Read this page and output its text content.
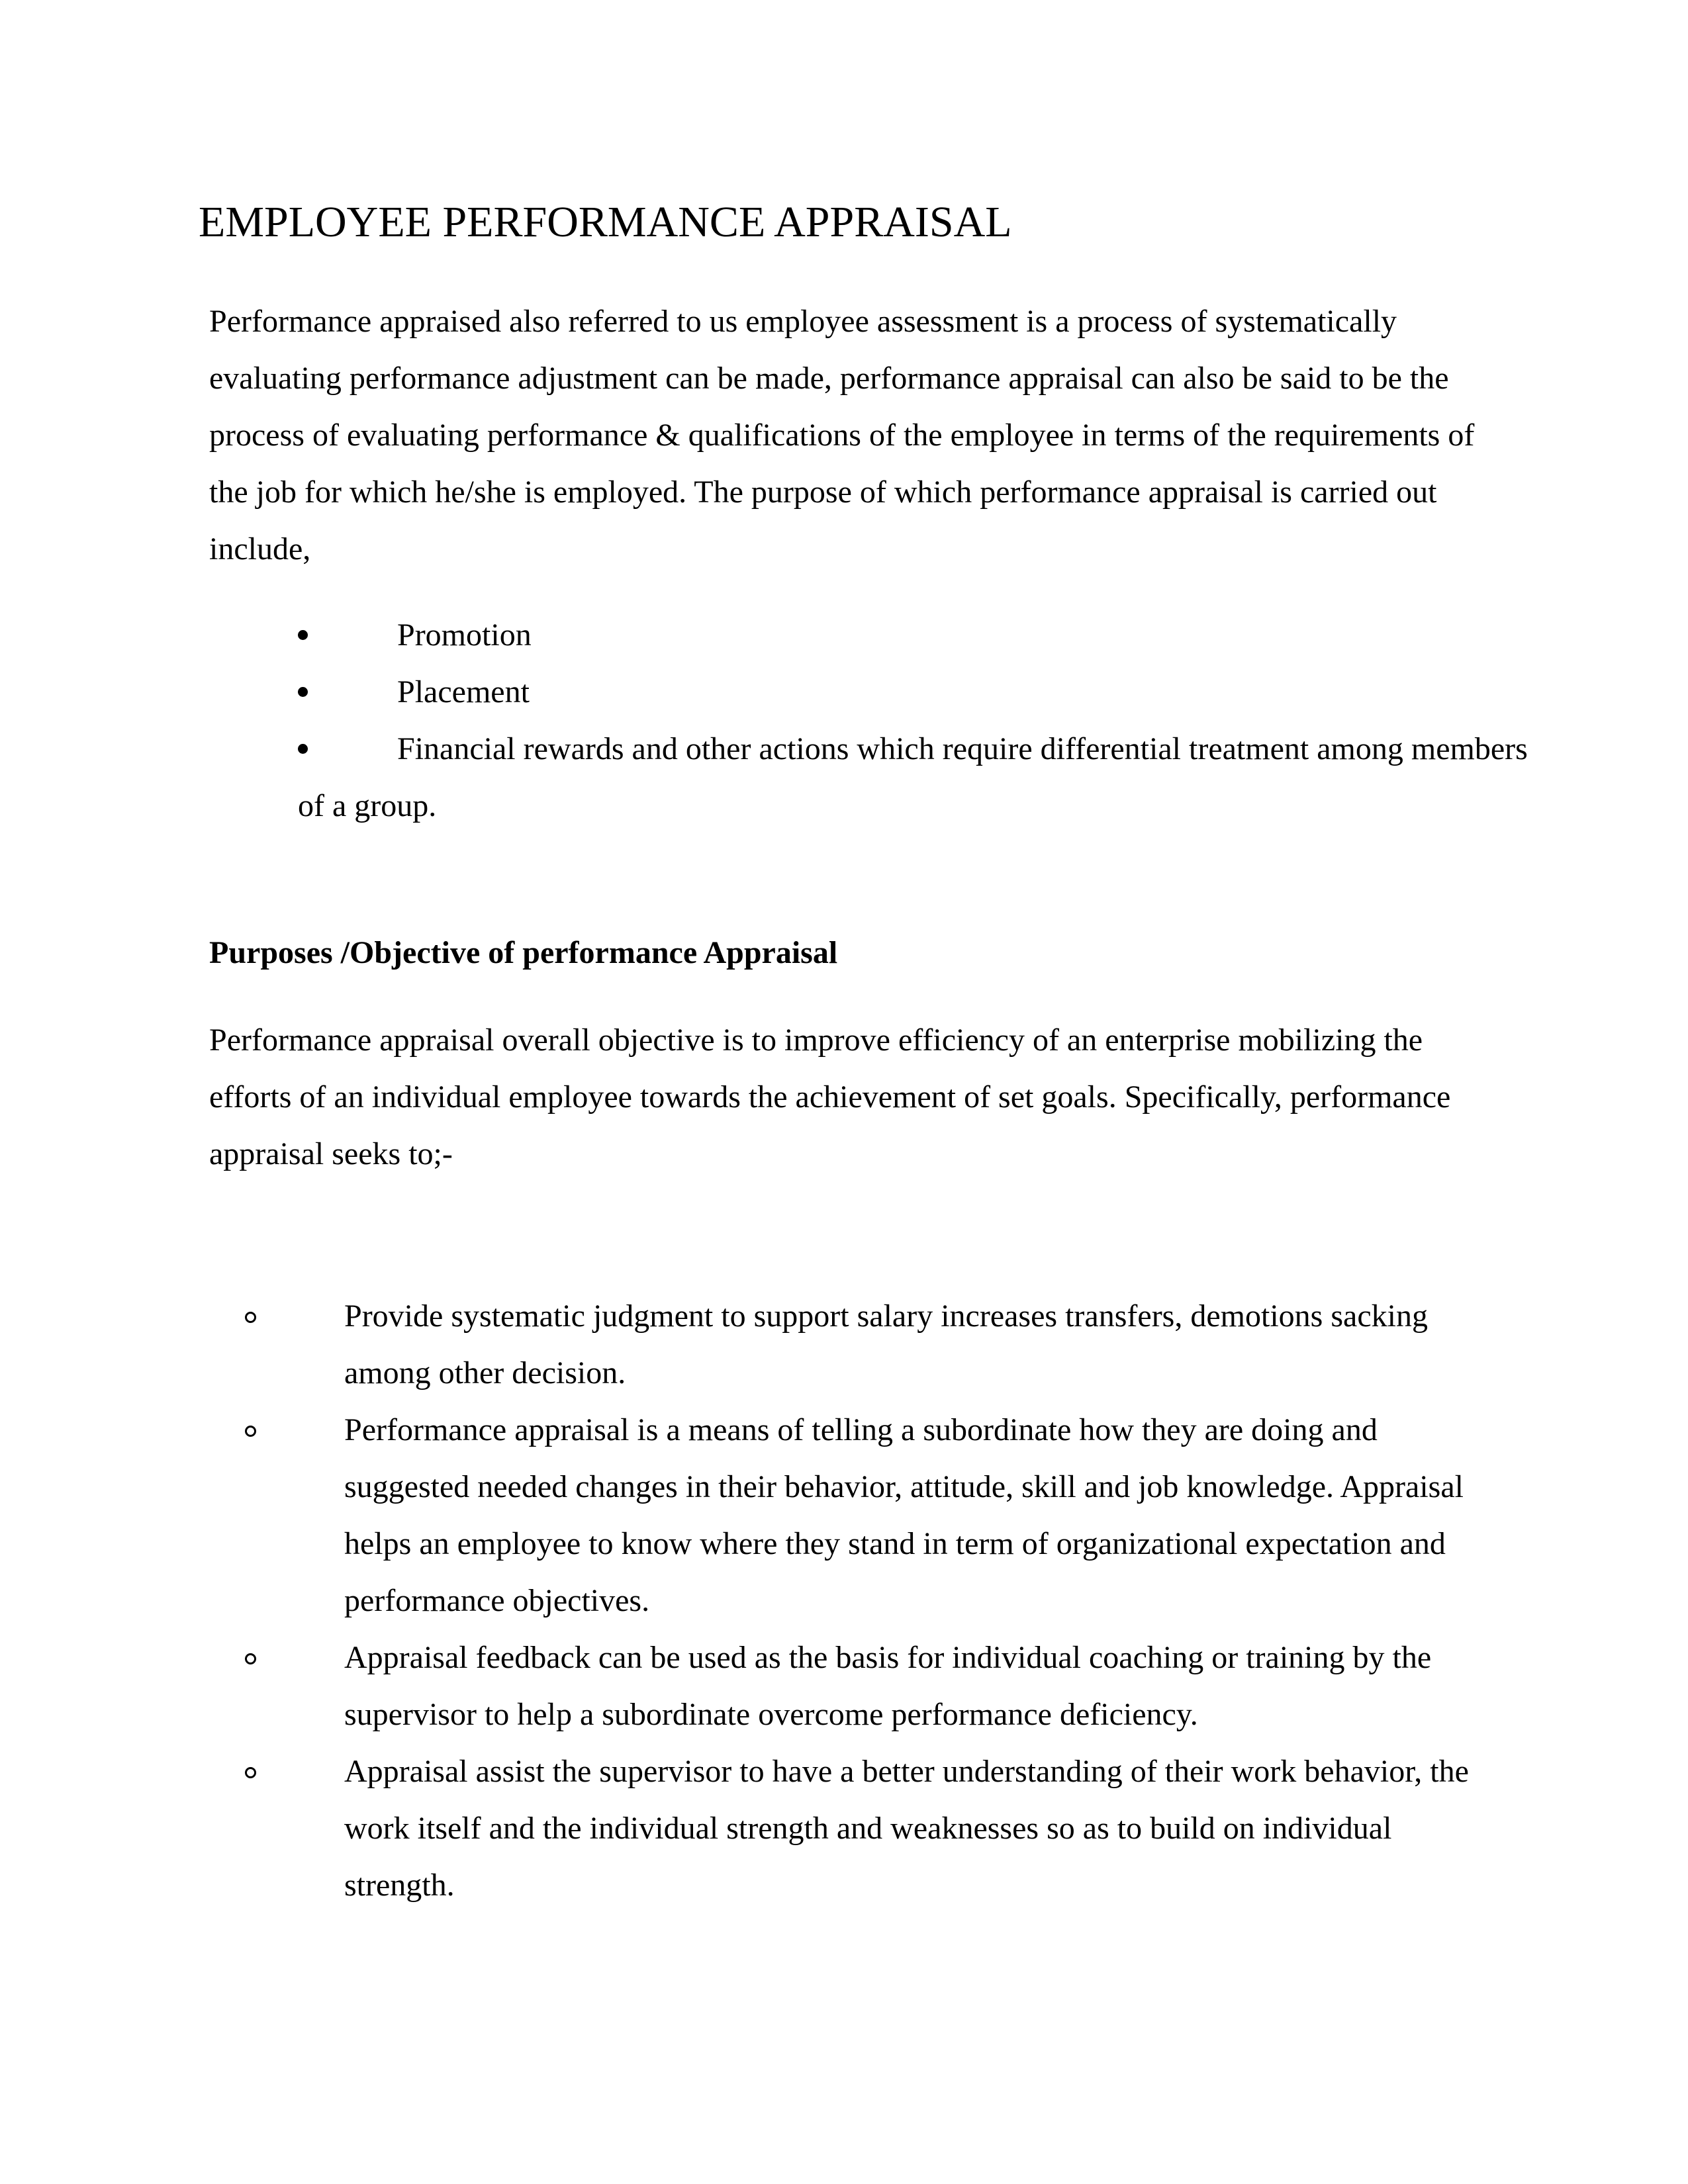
EMPLOYEE PERFORMANCE APPRAISAL

Performance appraised also referred to us employee assessment is a process of systematically evaluating performance adjustment can be made, performance appraisal can also be said to be the process of evaluating performance & qualifications of the employee in terms of the requirements of the job for which he/she is employed. The purpose of which performance appraisal is carried out include,

Promotion
Placement
Financial rewards and other actions which require differential treatment among members of a group.
Purposes /Objective of performance Appraisal

Performance appraisal overall objective is to improve efficiency of an enterprise mobilizing the efforts of an individual employee towards the achievement of set goals. Specifically, performance appraisal seeks to;-

Provide systematic judgment to support salary increases transfers, demotions sacking among other decision.
Performance appraisal is a means of telling a subordinate how they are doing and suggested needed changes in their behavior, attitude, skill and job knowledge. Appraisal helps an employee to know where they stand in term of organizational expectation and performance objectives.
Appraisal feedback can be used as the basis for individual coaching or training by the supervisor to help a subordinate overcome performance deficiency.
Appraisal assist the supervisor to have a better understanding of their work behavior, the work itself and the individual strength and weaknesses so as to build on individual strength.
